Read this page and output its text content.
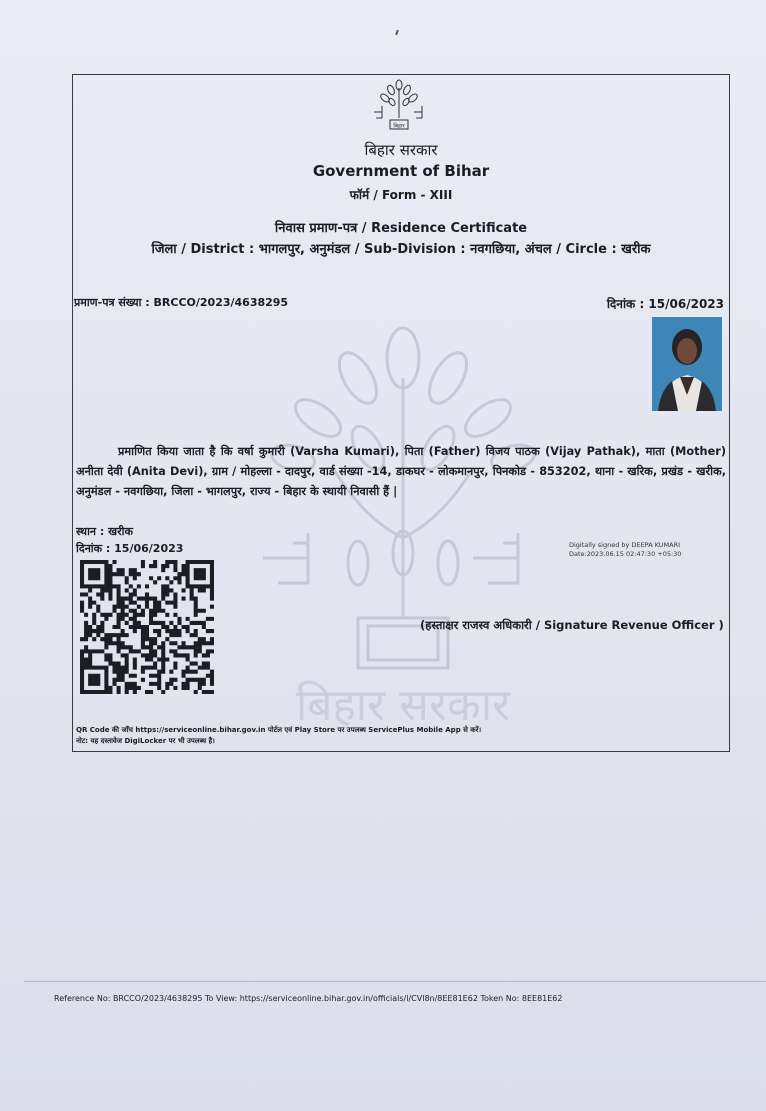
बिहार
बिहार सरकार
Government of Bihar
फॉर्म / Form - XIII
निवास प्रमाण-पत्र / Residence Certificate
जिला / District : भागलपुर, अनुमंडल / Sub-Division : नवगछिया, अंचल / Circle : खरीक
प्रमाण-पत्र संख्या : BRCCO/2023/4638295	दिनांक : 15/06/2023
बिहार सरकार
प्रमाणित किया जाता है कि वर्षा कुमारी (Varsha Kumari), पिता (Father) विजय पाठक (Vijay Pathak), माता (Mother) अनीता देवी (Anita Devi), ग्राम / मोहल्ला - दादपुर, वार्ड संख्या -14, डाकघर - लोकमानपुर, पिनकोड - 853202, थाना - खरिक, प्रखंड - खरीक, अनुमंडल - नवगछिया, जिला - भागलपुर, राज्य - बिहार के स्थायी निवासी हैं |
स्थान : खरीक
दिनांक : 15/06/2023	Digitally signed by DEEPA KUMARI
Date:2023.06.15 02:47:30 +05:30
(हस्ताक्षर राजस्व अधिकारी / Signature Revenue Officer )
QR Code की जाँच https://serviceonline.bihar.gov.in पोर्टल एवं Play Store पर उपलब्ध ServicePlus Mobile App से करें।
नोट: यह दस्तावेज DigiLocker पर भी उपलब्ध है।
Reference No: BRCCO/2023/4638295 To View: https://serviceonline.bihar.gov.in/officials/l/CVl8n/8EE81E62 Token No: 8EE81E62
